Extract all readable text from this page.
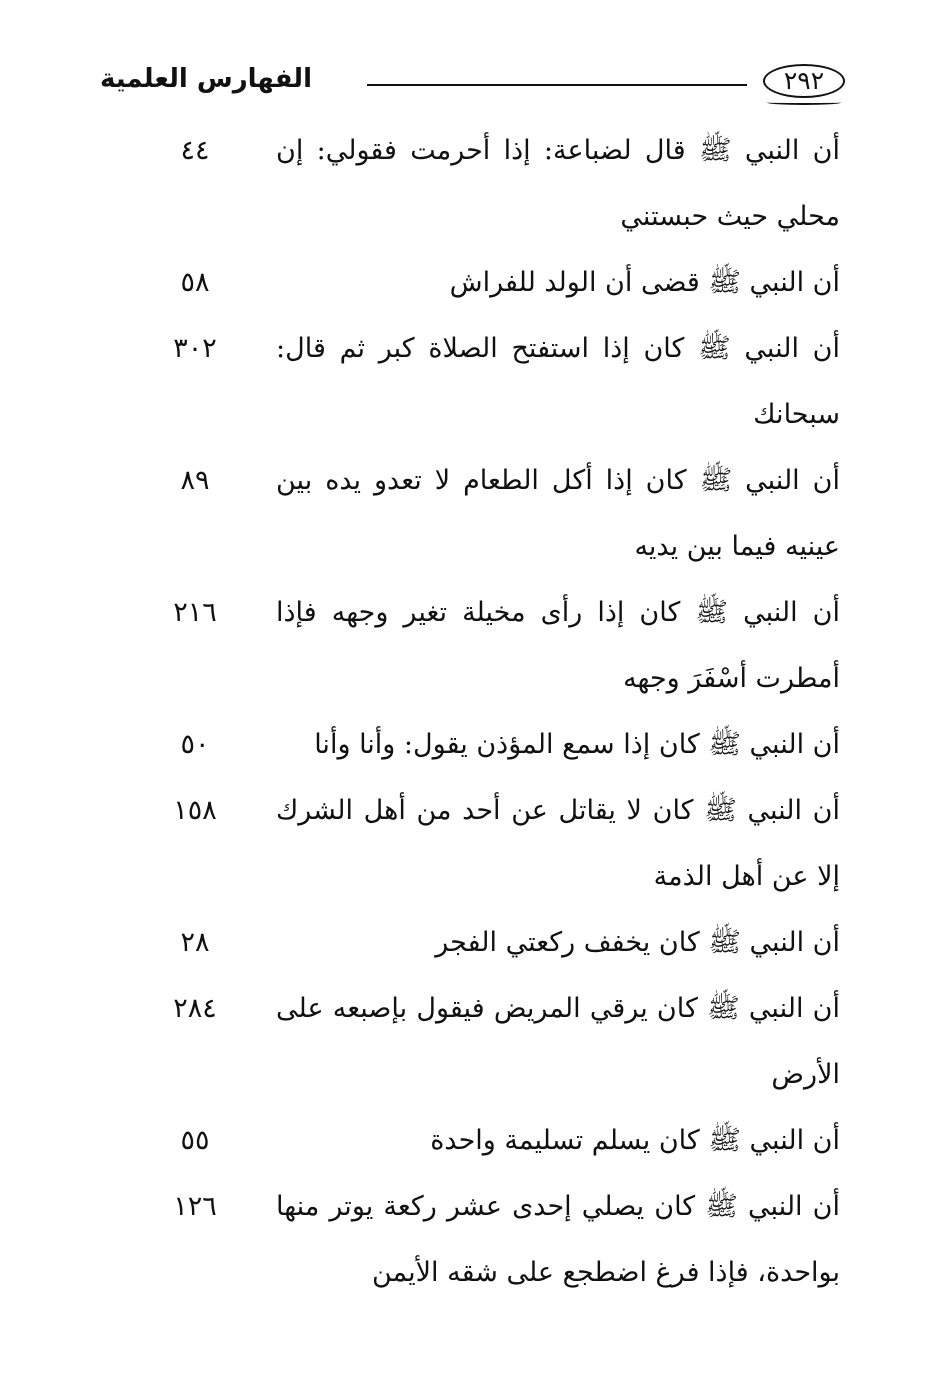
٢٩٢
الفهارس العلمية
٤٤	أن النبي ﷺ قال لضباعة: إذا أحرمت فقولي: إن محلي حيث حبستني
٥٨	أن النبي ﷺ قضى أن الولد للفراش
٣٠٢	أن النبي ﷺ كان إذا استفتح الصلاة كبر ثم قال: سبحانك
٨٩	أن النبي ﷺ كان إذا أكل الطعام لا تعدو يده بين عينيه فيما بين يديه
٢١٦	أن النبي ﷺ كان إذا رأى مخيلة تغير وجهه فإذا أمطرت أسْفَرَ وجهه
٥٠	أن النبي ﷺ كان إذا سمع المؤذن يقول: وأنا وأنا
١٥٨	أن النبي ﷺ كان لا يقاتل عن أحد من أهل الشرك إلا عن أهل الذمة
٢٨	أن النبي ﷺ كان يخفف ركعتي الفجر
٢٨٤	أن النبي ﷺ كان يرقي المريض فيقول بإصبعه على الأرض
٥٥	أن النبي ﷺ كان يسلم تسليمة واحدة
١٢٦	أن النبي ﷺ كان يصلي إحدى عشر ركعة يوتر منها بواحدة، فإذا فرغ اضطجع على شقه الأيمن
